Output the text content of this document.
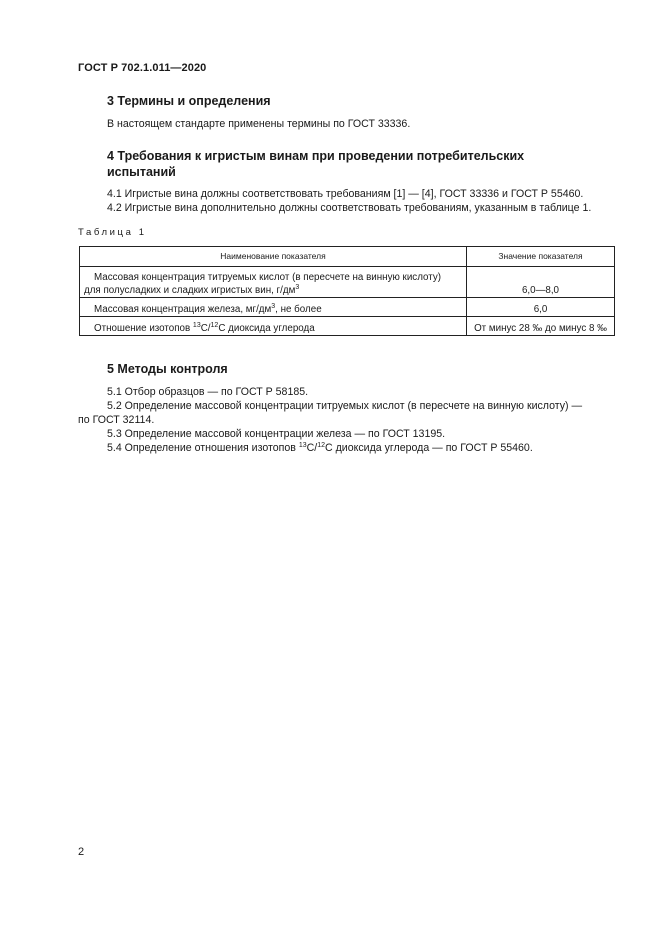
ГОСТ Р 702.1.011—2020
3 Термины и определения
В настоящем стандарте применены термины по ГОСТ 33336.
4 Требования к игристым винам при проведении потребительских
испытаний
4.1 Игристые вина должны соответствовать требованиям [1] — [4], ГОСТ 33336 и ГОСТ Р 55460.
4.2 Игристые вина дополнительно должны соответствовать требованиям, указанным в таблице 1.
Таблица 1
Наименование показателя	Значение показателя

Массовая концентрация титруемых кислот (в пересчете на винную кислоту)
для полусладких и сладких игристых вин, $г/дм^3$	6,0—8,0

Массовая концентрация железа, $мг/дм^3$, не более	6,0

Отношение изотопов $^{13}$C/$^{12}$C диоксида углерода	От минус 28 ‰ до минус 8 ‰
5 Методы контроля
5.1 Отбор образцов — по ГОСТ Р 58185.
5.2 Определение массовой концентрации титруемых кислот (в пересчете на винную кислоту) —
по ГОСТ 32114.
5.3 Определение массовой концентрации железа — по ГОСТ 13195.
5.4 Определение отношения изотопов $^{13}$С/$^{12}$С диоксида углерода — по ГОСТ Р 55460.
2
